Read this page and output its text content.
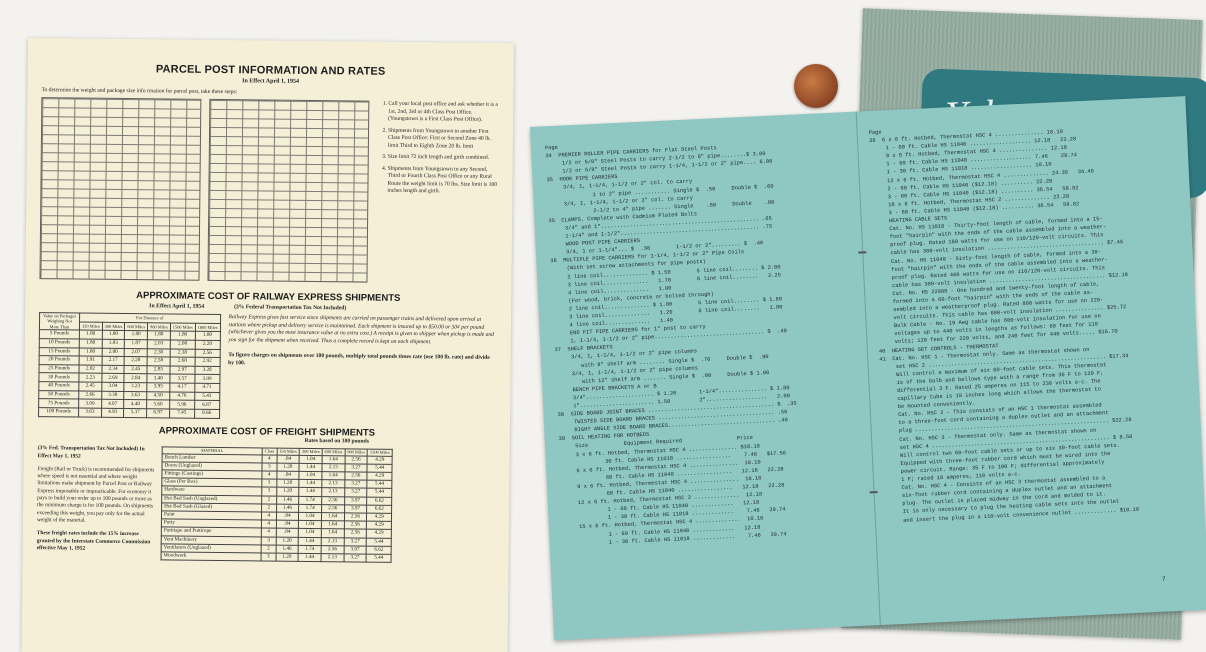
PARCEL POST INFORMATION AND RATES
In Effect April 1, 1954
To determine the weight and package size info rmation for parcel post, take these steps:
1. Call your local post office and ask whether it is a 1st, 2nd, 3rd or 4th Class Post Office. (Youngstown is a First Class Post Office).
2. Shipments from Youngstown to another First Class Post Office: First or Second Zone 40 lb. limit Third to Eighth Zone 20 lb. limit
3. Size limit 72 inch length and girth combined.
4. Shipments from Youngstown to any Second, Third or Fourth Class Post Office or any Rural Route the weight limit is 70 lbs. Size limit is 100 inches length and girth.
APPROXIMATE COST OF RAILWAY EXPRESS SHIPMENTS
In Effect April 1, 1954	(3% Federal Transportation Tax Not Included)
Value on Packages Weighing Not More Than	For Distance of					
	150 Miles	300 Miles	600 Miles	900 Miles	1500 Miles	1800 Miles
5 Pounds	1.80	1.80	1.80	1.80	1.80	1.80
10 Pounds	1.80	1.83	1.87	2.03	2.08	2.20
15 Pounds	1.80	2.00	2.07	2.30	2.38	2.56
20 Pounds	1.91	2.17	2.28	2.58	2.68	2.92
25 Pounds	2.02	2.34	2.45	2.85	2.97	3.28
30 Pounds	2.23	2.69	2.84	3.40	3.57	3.99
40 Pounds	2.45	3.04	3.23	3.95	4.17	4.71
50 Pounds	2.66	3.38	3.63	4.50	4.76	5.43
75 Pounds	3.09	4.07	4.40	5.60	5.96	6.87
100 Pounds	3.63	4.93	5.37	6.97	7.45	8.66

Railway Express gives fast service since shipments are carried on passenger trains and delivered upon arrival at stations where pickup and delivery service is maintained. Each shipment is insured up to $50.00 or 50¢ per pound (whichever gives you the most insurance value at no extra cost.) A receipt is given to shipper when pickup is made and you sign for the shipment when received. Thus a complete record is kept on each shipment.

To figure charges on shipments over 100 pounds, multiply total pounds times rate (use 100 lb. rate) and divide by 100.

APPROXIMATE COST OF FREIGHT SHIPMENTS
Rates based on 100 pounds

(3% Fed. Transportation Tax Not Included) In Effect May 1, 1952

Freight (Rail or Truck) is recommended for shipments where speed is not essential and where weight limitations make shipment by Parcel Post or Railway Express impossible or impracticable. For economy it pays to build your order up to 100 pounds or more as the minimum charge is for 100 pounds. On shipments exceeding this weight, you pay only for the actual weight of the material.

These freight rates include the 15% increase granted by the Interstate Commerce Commission effective May 1, 1952

MATERIAL	Class	150 Miles	300 Miles	600 Miles	900 Miles	1500 Miles
Bench Lumber	4	.84	1.04	1.64	2.56	4.29
Doors (Unglazed)	3	1.20	1.44	2.13	3.27	5.44
Fittings (Castings)	4	.84	1.04	1.64	2.56	4.29
Glass (Per Box)	3	1.20	1.44	2.13	3.27	5.44
Hardware	3	1.20	1.44	2.13	3.27	5.44
Hot Bed Sash (Unglazed)	2	1.46	1.74	2.56	3.97	6.62
Hot Bed Sash (Glazed)	2	1.46	1.74	2.56	3.97	6.62
Paint	4	.84	1.04	1.64	2.56	4.29
Putty	4	.84	1.04	1.64	2.56	4.29
Puttitape and Puttirope	4	.84	1.04	1.64	2.56	4.29
Vent Machinery	3	1.20	1.44	2.13	3.27	5.44
Ventilators (Unglazed)	2	1.46	1.74	2.56	3.97	6.62
Woodwork	3	1.20	1.44	2.13	3.27	5.44
Page
34  PREMIER ROLLER PIPE CARRIERS for Flat Steel Posts
1/2 or 5/8" Steel Posts to carry 2-1/2 to 6" pipe........$ 3.00
1/2 or 5/8" Steel Posts to carry 1-1/4, 1-1/2 or 2" pipe.... 6.00
35  HOOK PIPE CARRIERS
3/4, 1, 1-1/4, 1-1/2 or 2" col. to carry
1 to 2" pipe ........... Single $  .50     Double $  .60
3/4, 1, 1-1/4, 1-1/2 or 2" col. to carry
2-1/2 to 4" pipe ....... Single    .60     Double    .80
35  CLAMPS. Complete with Cadmium Plated Bolts
3/4" and 1"................................................. .65
1-1/4" and 1-1/2"........................................... .75
WOOD POST PIPE CARRIERS
3/4, 1 or 1-1/4"... $  .30        1-1/2 or 2"......... $  .40
36  MULTIPLE PIPE CARRIERS for 1-1/4, 1-1/2 or 2" Pipe Coils
(With set screw attachments for pipe posts)
2 line coil.............. $ 1.50        5 line coil........ $ 2.00
3 line coil..............   1.70        6 line coil........   2.25
4 line coil..............   1.80
(For wood, brick, concrete or bolted through)
2 line coil.............. $ 1.00        5 line coil........ $ 1.60
3 line coil..............   1.20        6 line coil........   1.80
4 line coil..............   1.40
END FIT PIPE CARRIERS for 1" post to carry
1, 1-1/4, 1-1/2 or 2" pipe.................................. $  .40
37  SHELF BRACKETS
3/4, 1, 1-1/4, 1-1/2 or 2" pipe columns
with 8" shelf arm ........ Single $  .70     Double $  .90
3/4, 1, 1-1/4, 1-1/2 or 2" pipe columns
with 12" shelf arm ....... Single $  .80     Double $ 1.00
BENCH PIPE BRACKETS A or B
3/4"..................... $ 1.20       1-1/4"............... $ 1.80
1"....................... 1.50         2"...................   2.00
38  SIDE BOARD JOINT BRACES ....................................... $  .35
TWISTED SIDE BOARD BRACES .................................... .50
RIGHT ANGLE SIDE BOARD BRACES................................. .40
39  SOIL HEATING FOR HOTBEDS
Size           Equipment Required                 Price
3 x 6 ft. Hotbed, Thermostat HSC 4 ............... $10.10
30 ft. Cable HS 11018 .................    7.46   $17.56
6 x 6 ft. Hotbed, Thermostat HSC 4 ...............  10.10
60 ft. Cable HS 11040 .................   12.18   22.28
9 x 6 ft. Hotbed, Thermostat HSC 4 ...............  10.10
60 ft. Cable HS 11040 .................   12.18   22.28
12 x 6 ft. Hotbed, Thermostat HSC 2 ..............  12.18
1 - 60 ft. Cable HS 11040 .............   12.18
1 - 30 ft. Cable HS 11018 .............    7.46   29.74
15 x 6 ft. Hotbed, Thermostat HSC 4 ..............  10.10
1 - 60 ft. Cable HS 11040 .............   12.18
1 - 30 ft. Cable HS 11018 .............    7.46   29.74
Page
39  6 x 6 ft. Hotbed, Thermostat HSC 4 ............... 10.10
1 - 60 ft. Cable HS 11040 ................... 12.18   22.28
9 x 6 ft. Hotbed, Thermostat HSC 4 ............... 12.18
1 - 60 ft. Cable HS 11040 ................... 7.46    29.74
1 - 30 ft. Cable HS 11018 ................... 10.10
12 x 6 ft. Hotbed, Thermostat HSC 4 .............. 24.36   34.46
2 - 60 ft. Cable HS 11040 ($12.18) .......... 22.28
3 - 60 ft. Cable HS 11040 ($12.18) .......... 36.54   58.82
18 x 6 ft. Hotbed, Thermostat HSC 2 .............. 22.28
3 - 60 ft. Cable HS 11040 ($12.18) .......... 36.54   58.82
HEATING CABLE SETS
Cat. No. HS 11018 - Thirty-foot length of cable, formed into a 15-
foot "hairpin" with the ends of the cable assembled into a weather-
proof plug. Rated 180 watts for use on 110/120-volt circuits. This
cable has 300-volt insulation .................................... $7.46
Cat. No. HS 11040 - Sixty-foot length of cable, formed into a 30-
foot "hairpin" with the ends of the cable assembled into a weather-
proof plug. Rated 400 watts for use on 110/120-volt circuits. This
cable has 300-volt insulation .................................... $12.18
Cat. No. HS 22080 - One hundred and twenty-foot length of cable,
formed into a 60-foot "hairpin" with the ends of the cable as-
sembled into a weatherproof plug. Rated 800 watts for use on 220-
volt circuits. This cable has 600-volt insulation ............... $25.72
Bulk Cable - No. 19 Awg cable has 600-volt insulation for use on
voltages up to 440 volts in lengths as follows: 60 feet for 110
volts; 120 feet for 220 volts, and 240 feet for 440 volts..... $16.70
40  HEATING SET CONTROLS - THERMOSTAT
41  Cat. No. HSC 1 - Thermostat only. Same as thermostat shown on
set HSC 2 ....................................................... $17.34
Will control a maximum of six 60-foot cable sets. This thermostat
is of the bulb and bellows type with a range from 30 F to 120 F,
differential 3 F. Rated 25 amperes on 115 to 230 volts a-c. The
capillary tube is 18 inches long which allows the thermostat to
be mounted conveniently.
Cat. No. HSC 2 - This consists of an HSC 1 thermostat assembled
to a three-foot cord containing a duplex outlet and an attachment
plug ............................................................ $22.28
Cat. No. HSC 3 - Thermostat only. Same as thermostat shown on
set HSC 4 ....................................................... $ 8.58
Will control two 60-foot cable sets or up to six 30-foot cable sets.
Equipped with three-foot rubber cord which must be wired into the
power circuit. Range: 35 F to 100 F; differential approximately
1 F; rated 10 amperes, 110 volts a-c.
Cat. No. HSC 4 - Consists of an HSC 3 thermostat assembled to a
six-foot rubber cord containing a duplex outlet and an attachment
plug. The outlet is placed midway in the cord and molded to it.
It is only necessary to plug the heating cable sets into the outlet
and insert the plug in a 110-volt convenience outlet ............. $10.10
7
